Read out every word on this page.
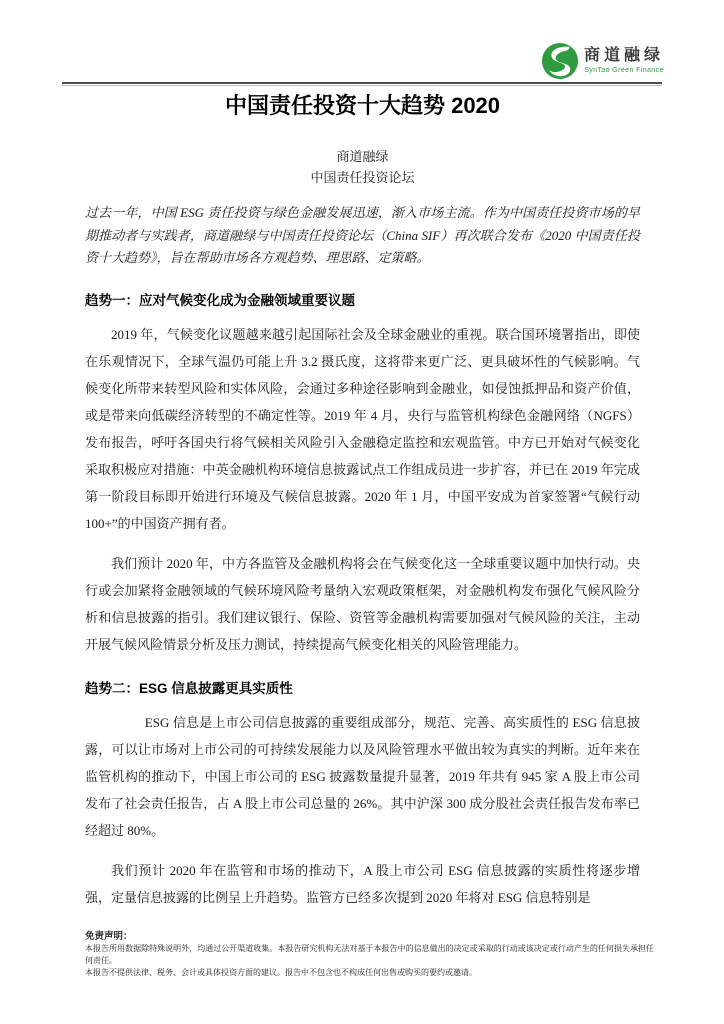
商道融绿
SynTao Green Finance
中国责任投资十大趋势 2020
商道融绿
中国责任投资论坛

过去一年，中国 ESG 责任投资与绿色金融发展迅速，渐入市场主流。作为中国责任投资市场的早期推动者与实践者，商道融绿与中国责任投资论坛（China SIF）再次联合发布《2020 中国责任投资十大趋势》，旨在帮助市场各方观趋势、理思路、定策略。

趋势一：应对气候变化成为金融领域重要议题

2019 年，气候变化议题越来越引起国际社会及全球金融业的重视。联合国环境署指出，即使在乐观情况下，全球气温仍可能上升 3.2 摄氏度，这将带来更广泛、更具破坏性的气候影响。气候变化所带来转型风险和实体风险，会通过多种途径影响到金融业，如侵蚀抵押品和资产价值，或是带来向低碳经济转型的不确定性等。2019 年 4 月，央行与监管机构绿色金融网络（NGFS）发布报告，呼吁各国央行将气候相关风险引入金融稳定监控和宏观监管。中方已开始对气候变化采取积极应对措施：中英金融机构环境信息披露试点工作组成员进一步扩容，并已在 2019 年完成第一阶段目标即开始进行环境及气候信息披露。2020 年 1 月，中国平安成为首家签署“气候行动 100+”的中国资产拥有者。

我们预计 2020 年，中方各监管及金融机构将会在气候变化这一全球重要议题中加快行动。央行或会加紧将金融领域的气候环境风险考量纳入宏观政策框架，对金融机构发布强化气候风险分析和信息披露的指引。我们建议银行、保险、资管等金融机构需要加强对气候风险的关注，主动开展气候风险情景分析及压力测试，持续提高气候变化相关的风险管理能力。

趋势二：ESG 信息披露更具实质性

ESG 信息是上市公司信息披露的重要组成部分，规范、完善、高实质性的 ESG 信息披露，可以让市场对上市公司的可持续发展能力以及风险管理水平做出较为真实的判断。近年来在监管机构的推动下，中国上市公司的 ESG 披露数量提升显著，2019 年共有 945 家 A 股上市公司发布了社会责任报告，占 A 股上市公司总量的 26%。其中沪深 300 成分股社会责任报告发布率已经超过 80%。

我们预计 2020 年在监管和市场的推动下，A 股上市公司 ESG 信息披露的实质性将逐步增强，定量信息披露的比例呈上升趋势。监管方已经多次提到 2020 年将对 ESG 信息特别是

免责声明：

本报告所用数据除特殊说明外，均通过公开渠道收集。本报告研究机构无法对基于本报告中的信息做出的决定或采取的行动或该决定或行动产生的任何损失承担任何责任。

本报告不提供法律、税务、会计或具体投资方面的建议。报告中不包含也不构成任何出售或购买的要约或邀请。
